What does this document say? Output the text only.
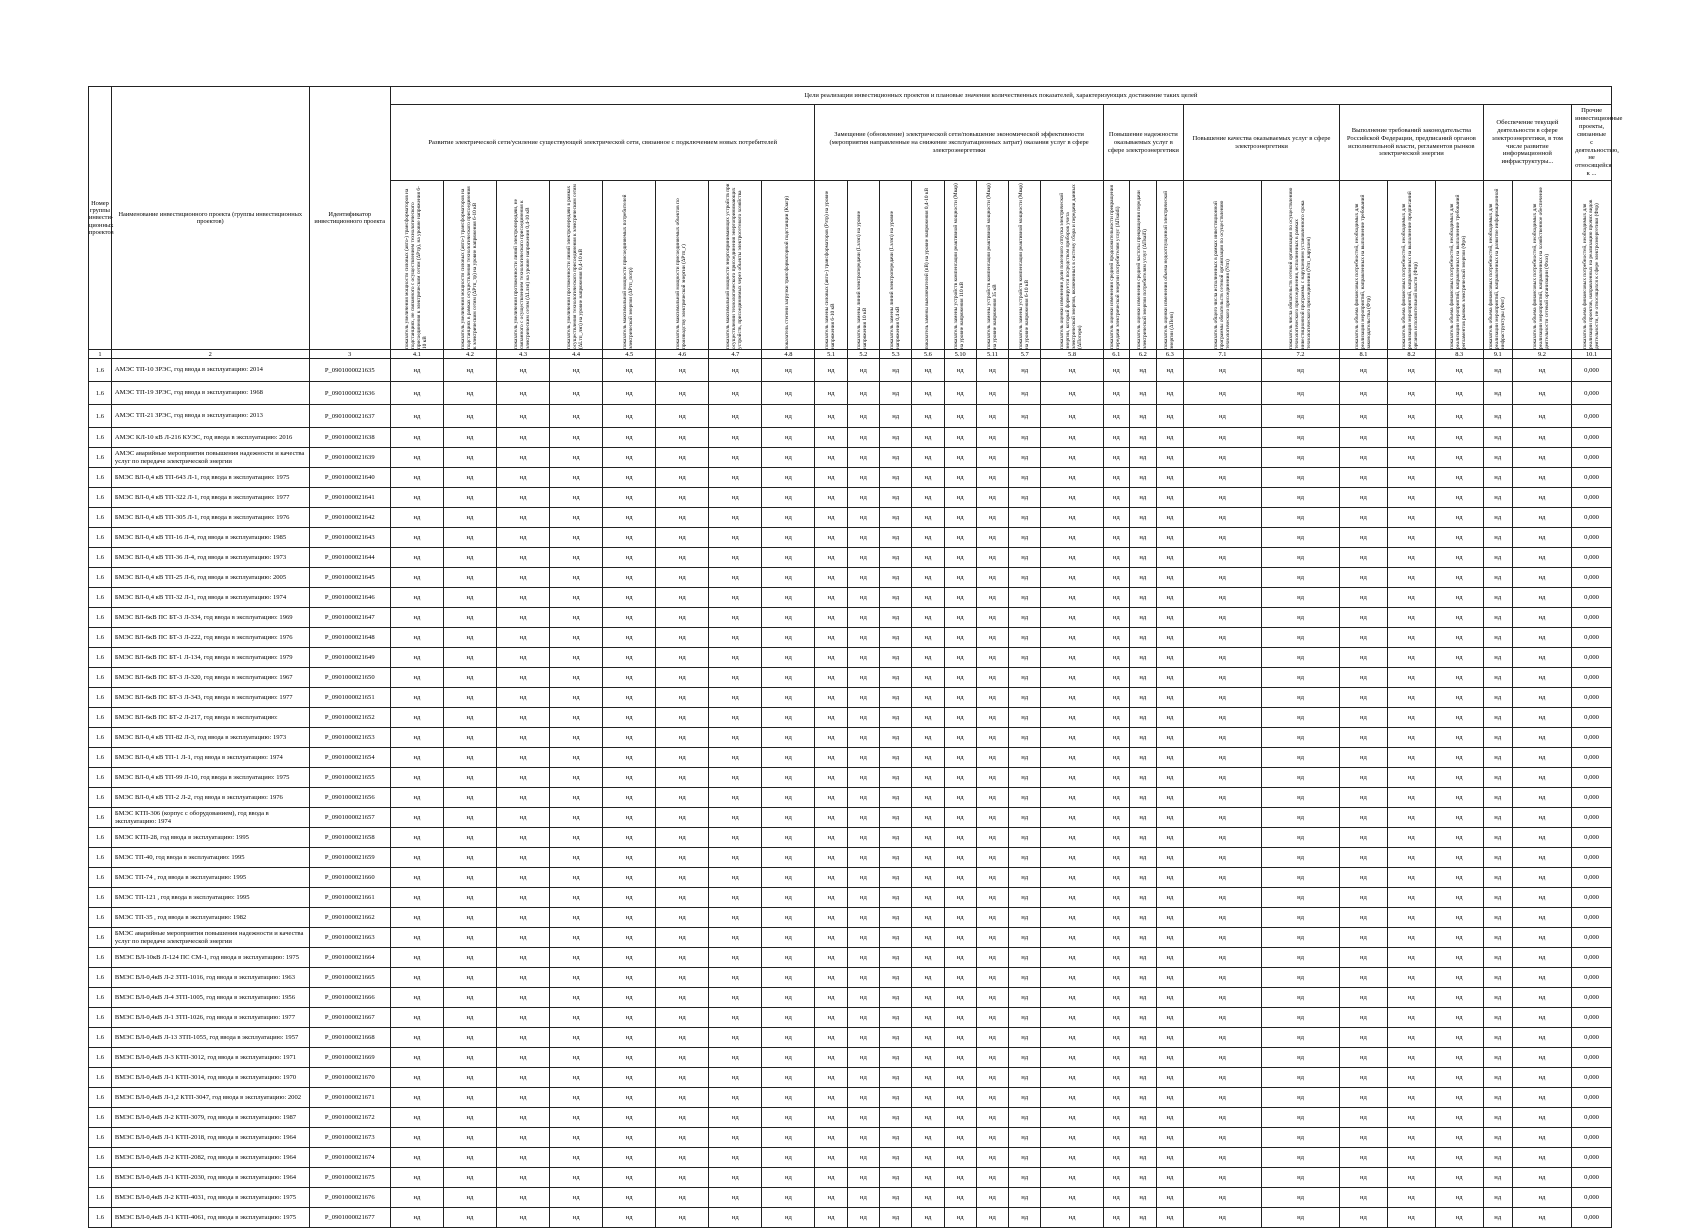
Номер группы инвести-ционных проектов	Наименование инвестиционного проекта (группы инвестиционных проектов)	Идентификатор инвестиционного проекта	Цели реализации инвестиционных проектов и плановые значения количественных показателей, характеризующих достижение таких целей																										
			Развитие электрической сети/усиление существующей электрической сети, связанное с подключением новых потребителей								Замещение (обновление) электрической сети/повышение экономической эффективности (мероприятия направленные на снижение эксплуатационных затрат) оказания услуг в сфере электроэнергетики								Повышение надежности оказываемых услуг в сфере электроэнергетики			Повышение качества оказываемых услуг в сфере электроэнергетики		Выполнение требований законодательства Российской Федерации, предписаний органов исполнительной власти, регламентов рынков электрической энергии			Обеспечение текущей деятельности в сфере электроэнергетики, в том числе развитие информационной инфраструктуры...		Прочие инвестиционные проекты, связанные с деятельностью, не относящейся к ...

			показатель увеличения мощности силовых (авто-) трансформаторов на подстанциях, не связанного с осуществлением технологического присоединения к электрическим сетям (ΔPтр), на уровне напряжения 6-10 кВ	показатель увеличения мощности силовых (авто-) трансформаторов на подстанциях в рамках осуществления технологического присоединения к электрическим сетям (ΔPтп_тр) на уровне напряжения 6-10 кВ	показатель увеличения протяженности линий электропередачи, не связанного с осуществлением технологического присоединения к электрическим сетям (ΔLлэп) на уровне напряжения 0,4-10 кВ	показатель увеличения протяженности линий электропередачи в рамках осуществления технологического присоединения к электрическим сетям (ΔLтп_лэп) на уровне напряжения 0,4-10 кВ	показатель максимальной мощности присоединяемых потребителей электрической энергии (ΔPтп_потр)	показатель максимальной мощности присоединяемых объектов по производству электрической энергии (ΔPтп_г)	показатель максимальной мощности энергопринимающих устройств при осуществлении технологического присоединения энергопринимающих устройств, присоединяемых через объекты электросетевого хозяйства	показатель степени загрузки трансформаторной подстанции (Кзагр)	показатель замены силовых (авто-) трансформаторов (Pзтр) на уровне напряжения 6-10 кВ	показатель замены линий электропередачи (Lзлэп) на уровне напряжения 10 кВ	показатель замены линий электропередачи (Lзлэп) на уровне напряжения 0,4 кВ	показатель замены выключателей (nВ) на уровне напряжения 0,4-10 кВ	показатель замены устройств компенсации реактивной мощности (Mвар) на уровне напряжения 110 кВ	показатель замены устройств компенсации реактивной мощности (Mвар) на уровне напряжения 35 кВ	показатель замены устройств компенсации реактивной мощности (Mвар) на уровне напряжения 6-10 кВ	показатель оценки изменения доли полезного отпуска электрической энергии, который формируется посредством приборов учета электрической энергии, включенных в систему сбора и передачи данных (ΔПотери)	показатель оценки изменения средней продолжительности прекращения передачи электрической энергии потребителям услуг (ΔПsaidi)	показатель оценки изменения средней частоты прекращения передачи электрической энергии потребителям услуг (ΔПsaifi)	показатель оценки изменения объема недоотпущенной электрической энергии (ΔПens)	показатель общего числа исполненных в рамках инвестиционной программы обязательств сетевой организации по осуществлению технологического присоединения (Nтп)	показатель числа обязательств сетевой организации по осуществлению технологического присоединения, исполненных в рамках инвестиционной программы с нарушением установленного срока технологического присоединения (Nтп_нарушен)	показатель объема финансовых потребностей, необходимых для реализации мероприятий, направленных на выполнение требований законодательства (Фтр)	показатель объема финансовых потребностей, необходимых для реализации мероприятий, направленных на выполнение предписаний органов исполнительной власти (Фпр)	показатель объема финансовых потребностей, необходимых для реализации мероприятий, направленных на выполнение требований регламентов рынков электрической энергии (Фрэ)	показатель объема финансовых потребностей, необходимых для реализации мероприятий, направленных на развитие информационной инфраструктуры (Фит)	показатель объема финансовых потребностей, необходимых для реализации мероприятий, направленных на хозяйственное обеспечение деятельности сетевой организации (Фхоз)	показатель объема финансовых потребностей, необходимых для реализации проектов, направленных на реализацию прочих видов деятельности, не относящихся к сфере электроэнергетики (Фпр)

1	2	3	4.1	4.2	4.3	4.4	4.5	4.6	4.7	4.8	5.1	5.2	5.3	5.6	5.10	5.11	5.7	5.8	6.1	6.2	6.3	7.1	7.2	8.1	8.2	8.3	9.1	9.2	10.1
1.6	АМЭС ТП-10 ЗРЭС, год ввода в эксплуатацию: 2014	P_0901000021635	нд	нд	нд	нд	нд	нд	нд	нд	нд	нд	нд	нд	нд	нд	нд	нд	нд	нд	нд	нд	нд	нд	нд	нд	нд	нд	0,000
1.6	АМЭС ТП-19 ЗРЭС, год ввода в эксплуатацию: 1968	P_0901000021636	нд	нд	нд	нд	нд	нд	нд	нд	нд	нд	нд	нд	нд	нд	нд	нд	нд	нд	нд	нд	нд	нд	нд	нд	нд	нд	0,000
1.6	АМЭС ТП-21 ЗРЭС, год ввода в эксплуатацию: 2013	P_0901000021637	нд	нд	нд	нд	нд	нд	нд	нд	нд	нд	нд	нд	нд	нд	нд	нд	нд	нд	нд	нд	нд	нд	нд	нд	нд	нд	0,000
1.6	АМЭС КЛ-10 кВ Л-216 КУЭС, год ввода в эксплуатацию: 2016	P_0901000021638	нд	нд	нд	нд	нд	нд	нд	нд	нд	нд	нд	нд	нд	нд	нд	нд	нд	нд	нд	нд	нд	нд	нд	нд	нд	нд	0,000
1.6	АМЭС аварийные мероприятия повышения надежности и качества услуг по передаче электрической энергии	P_0901000021639	нд	нд	нд	нд	нд	нд	нд	нд	нд	нд	нд	нд	нд	нд	нд	нд	нд	нд	нд	нд	нд	нд	нд	нд	нд	нд	0,000
1.6	БМЭС ВЛ-0,4 кВ ТП-643 Л-1, год ввода в эксплуатацию: 1975	P_0901000021640	нд	нд	нд	нд	нд	нд	нд	нд	нд	нд	нд	нд	нд	нд	нд	нд	нд	нд	нд	нд	нд	нд	нд	нд	нд	нд	0,000
1.6	БМЭС ВЛ-0,4 кВ ТП-322 Л-1, год ввода в эксплуатацию: 1977	P_0901000021641	нд	нд	нд	нд	нд	нд	нд	нд	нд	нд	нд	нд	нд	нд	нд	нд	нд	нд	нд	нд	нд	нд	нд	нд	нд	нд	0,000
1.6	БМЭС ВЛ-0,4 кВ ТП-305 Л-1, год ввода в эксплуатацию: 1976	P_0901000021642	нд	нд	нд	нд	нд	нд	нд	нд	нд	нд	нд	нд	нд	нд	нд	нд	нд	нд	нд	нд	нд	нд	нд	нд	нд	нд	0,000
1.6	БМЭС ВЛ-0,4 кВ ТП-16 Л-4, год ввода в эксплуатацию: 1985	P_0901000021643	нд	нд	нд	нд	нд	нд	нд	нд	нд	нд	нд	нд	нд	нд	нд	нд	нд	нд	нд	нд	нд	нд	нд	нд	нд	нд	0,000
1.6	БМЭС ВЛ-0,4 кВ ТП-36 Л-4, год ввода в эксплуатацию: 1973	P_0901000021644	нд	нд	нд	нд	нд	нд	нд	нд	нд	нд	нд	нд	нд	нд	нд	нд	нд	нд	нд	нд	нд	нд	нд	нд	нд	нд	0,000
1.6	БМЭС ВЛ-0,4 кВ ТП-25 Л-6, год ввода в эксплуатацию: 2005	P_0901000021645	нд	нд	нд	нд	нд	нд	нд	нд	нд	нд	нд	нд	нд	нд	нд	нд	нд	нд	нд	нд	нд	нд	нд	нд	нд	нд	0,000
1.6	БМЭС ВЛ-0,4 кВ ТП-32 Л-1, год ввода в эксплуатацию: 1974	P_0901000021646	нд	нд	нд	нд	нд	нд	нд	нд	нд	нд	нд	нд	нд	нд	нд	нд	нд	нд	нд	нд	нд	нд	нд	нд	нд	нд	0,000
1.6	БМЭС ВЛ-6кВ ПС БТ-3 Л-334, год ввода в эксплуатацию: 1969	P_0901000021647	нд	нд	нд	нд	нд	нд	нд	нд	нд	нд	нд	нд	нд	нд	нд	нд	нд	нд	нд	нд	нд	нд	нд	нд	нд	нд	0,000
1.6	БМЭС ВЛ-6кВ ПС БТ-3 Л-222, год ввода в эксплуатацию: 1976	P_0901000021648	нд	нд	нд	нд	нд	нд	нд	нд	нд	нд	нд	нд	нд	нд	нд	нд	нд	нд	нд	нд	нд	нд	нд	нд	нд	нд	0,000
1.6	БМЭС ВЛ-6кВ ПС БТ-1 Л-134, год ввода в эксплуатацию: 1979	P_0901000021649	нд	нд	нд	нд	нд	нд	нд	нд	нд	нд	нд	нд	нд	нд	нд	нд	нд	нд	нд	нд	нд	нд	нд	нд	нд	нд	0,000
1.6	БМЭС ВЛ-6кВ ПС БТ-3 Л-320, год ввода в эксплуатацию: 1967	P_0901000021650	нд	нд	нд	нд	нд	нд	нд	нд	нд	нд	нд	нд	нд	нд	нд	нд	нд	нд	нд	нд	нд	нд	нд	нд	нд	нд	0,000
1.6	БМЭС ВЛ-6кВ ПС БТ-3 Л-343, год ввода в эксплуатацию: 1977	P_0901000021651	нд	нд	нд	нд	нд	нд	нд	нд	нд	нд	нд	нд	нд	нд	нд	нд	нд	нд	нд	нд	нд	нд	нд	нд	нд	нд	0,000
1.6	БМЭС ВЛ-6кВ ПС БТ-2 Л-217, год ввода в эксплуатацию:	P_0901000021652	нд	нд	нд	нд	нд	нд	нд	нд	нд	нд	нд	нд	нд	нд	нд	нд	нд	нд	нд	нд	нд	нд	нд	нд	нд	нд	0,000
1.6	БМЭС ВЛ-0,4 кВ ТП-82 Л-3, год ввода в эксплуатацию: 1973	P_0901000021653	нд	нд	нд	нд	нд	нд	нд	нд	нд	нд	нд	нд	нд	нд	нд	нд	нд	нд	нд	нд	нд	нд	нд	нд	нд	нд	0,000
1.6	БМЭС ВЛ-0,4 кВ ТП-1 Л-1, год ввода в эксплуатацию: 1974	P_0901000021654	нд	нд	нд	нд	нд	нд	нд	нд	нд	нд	нд	нд	нд	нд	нд	нд	нд	нд	нд	нд	нд	нд	нд	нд	нд	нд	0,000
1.6	БМЭС ВЛ-0,4 кВ ТП-99 Л-10, год ввода в эксплуатацию: 1975	P_0901000021655	нд	нд	нд	нд	нд	нд	нд	нд	нд	нд	нд	нд	нд	нд	нд	нд	нд	нд	нд	нд	нд	нд	нд	нд	нд	нд	0,000
1.6	БМЭС ВЛ-0,4 кВ ТП-2 Л-2, год ввода в эксплуатацию: 1976	P_0901000021656	нд	нд	нд	нд	нд	нд	нд	нд	нд	нд	нд	нд	нд	нд	нд	нд	нд	нд	нд	нд	нд	нд	нд	нд	нд	нд	0,000
1.6	БМЭС КТП-306 (корпус с оборудованием), год ввода в эксплуатацию: 1974	P_0901000021657	нд	нд	нд	нд	нд	нд	нд	нд	нд	нд	нд	нд	нд	нд	нд	нд	нд	нд	нд	нд	нд	нд	нд	нд	нд	нд	0,000
1.6	БМЭС КТП-28, год ввода в эксплуатацию: 1995	P_0901000021658	нд	нд	нд	нд	нд	нд	нд	нд	нд	нд	нд	нд	нд	нд	нд	нд	нд	нд	нд	нд	нд	нд	нд	нд	нд	нд	0,000
1.6	БМЭС ТП-40, год ввода в эксплуатацию: 1995	P_0901000021659	нд	нд	нд	нд	нд	нд	нд	нд	нд	нд	нд	нд	нд	нд	нд	нд	нд	нд	нд	нд	нд	нд	нд	нд	нд	нд	0,000
1.6	БМЭС ТП-74 , год ввода в эксплуатацию: 1995	P_0901000021660	нд	нд	нд	нд	нд	нд	нд	нд	нд	нд	нд	нд	нд	нд	нд	нд	нд	нд	нд	нд	нд	нд	нд	нд	нд	нд	0,000
1.6	БМЭС ТП-121 , год ввода в эксплуатацию: 1995	P_0901000021661	нд	нд	нд	нд	нд	нд	нд	нд	нд	нд	нд	нд	нд	нд	нд	нд	нд	нд	нд	нд	нд	нд	нд	нд	нд	нд	0,000
1.6	БМЭС ТП-35 , год ввода в эксплуатацию: 1982	P_0901000021662	нд	нд	нд	нд	нд	нд	нд	нд	нд	нд	нд	нд	нд	нд	нд	нд	нд	нд	нд	нд	нд	нд	нд	нд	нд	нд	0,000
1.6	БМЭС аварийные мероприятия повышения надежности и качества услуг по передаче электрической энергии	P_0901000021663	нд	нд	нд	нд	нд	нд	нд	нд	нд	нд	нд	нд	нд	нд	нд	нд	нд	нд	нд	нд	нд	нд	нд	нд	нд	нд	0,000
1.6	ВМЭС ВЛ-10кВ Л-124 ПС СМ-1, год ввода в эксплуатацию: 1975	P_0901000021664	нд	нд	нд	нд	нд	нд	нд	нд	нд	нд	нд	нд	нд	нд	нд	нд	нд	нд	нд	нд	нд	нд	нд	нд	нд	нд	0,000
1.6	ВМЭС ВЛ-0,4кВ Л-2 ЗТП-1016, год ввода в эксплуатацию: 1963	P_0901000021665	нд	нд	нд	нд	нд	нд	нд	нд	нд	нд	нд	нд	нд	нд	нд	нд	нд	нд	нд	нд	нд	нд	нд	нд	нд	нд	0,000
1.6	ВМЭС ВЛ-0,4кВ Л-4 ЗТП-1005, год ввода в эксплуатацию: 1956	P_0901000021666	нд	нд	нд	нд	нд	нд	нд	нд	нд	нд	нд	нд	нд	нд	нд	нд	нд	нд	нд	нд	нд	нд	нд	нд	нд	нд	0,000
1.6	ВМЭС ВЛ-0,4кВ Л-1 ЗТП-1026, год ввода в эксплуатацию: 1977	P_0901000021667	нд	нд	нд	нд	нд	нд	нд	нд	нд	нд	нд	нд	нд	нд	нд	нд	нд	нд	нд	нд	нд	нд	нд	нд	нд	нд	0,000
1.6	ВМЭС ВЛ-0,4кВ Л-13 ЗТП-1055, год ввода в эксплуатацию: 1957	P_0901000021668	нд	нд	нд	нд	нд	нд	нд	нд	нд	нд	нд	нд	нд	нд	нд	нд	нд	нд	нд	нд	нд	нд	нд	нд	нд	нд	0,000
1.6	ВМЭС ВЛ-0,4кВ Л-3 КТП-3012, год ввода в эксплуатацию: 1971	P_0901000021669	нд	нд	нд	нд	нд	нд	нд	нд	нд	нд	нд	нд	нд	нд	нд	нд	нд	нд	нд	нд	нд	нд	нд	нд	нд	нд	0,000
1.6	ВМЭС ВЛ-0,4кВ Л-1 КТП-3014, год ввода в эксплуатацию: 1970	P_0901000021670	нд	нд	нд	нд	нд	нд	нд	нд	нд	нд	нд	нд	нд	нд	нд	нд	нд	нд	нд	нд	нд	нд	нд	нд	нд	нд	0,000
1.6	ВМЭС ВЛ-0,4кВ Л-1,2 КТП-3047, год ввода в эксплуатацию: 2002	P_0901000021671	нд	нд	нд	нд	нд	нд	нд	нд	нд	нд	нд	нд	нд	нд	нд	нд	нд	нд	нд	нд	нд	нд	нд	нд	нд	нд	0,000
1.6	ВМЭС ВЛ-0,4кВ Л-2 КТП-3079, год ввода в эксплуатацию: 1987	P_0901000021672	нд	нд	нд	нд	нд	нд	нд	нд	нд	нд	нд	нд	нд	нд	нд	нд	нд	нд	нд	нд	нд	нд	нд	нд	нд	нд	0,000
1.6	ВМЭС ВЛ-0,4кВ Л-1 КТП-2018, год ввода в эксплуатацию: 1964	P_0901000021673	нд	нд	нд	нд	нд	нд	нд	нд	нд	нд	нд	нд	нд	нд	нд	нд	нд	нд	нд	нд	нд	нд	нд	нд	нд	нд	0,000
1.6	ВМЭС ВЛ-0,4кВ Л-2 КТП-2082, год ввода в эксплуатацию: 1964	P_0901000021674	нд	нд	нд	нд	нд	нд	нд	нд	нд	нд	нд	нд	нд	нд	нд	нд	нд	нд	нд	нд	нд	нд	нд	нд	нд	нд	0,000
1.6	ВМЭС ВЛ-0,4кВ Л-1 КТП-2030, год ввода в эксплуатацию: 1964	P_0901000021675	нд	нд	нд	нд	нд	нд	нд	нд	нд	нд	нд	нд	нд	нд	нд	нд	нд	нд	нд	нд	нд	нд	нд	нд	нд	нд	0,000
1.6	ВМЭС ВЛ-0,4кВ Л-2 КТП-4031, год ввода в эксплуатацию: 1975	P_0901000021676	нд	нд	нд	нд	нд	нд	нд	нд	нд	нд	нд	нд	нд	нд	нд	нд	нд	нд	нд	нд	нд	нд	нд	нд	нд	нд	0,000
1.6	ВМЭС ВЛ-0,4кВ Л-1 КТП-4061, год ввода в эксплуатацию: 1975	P_0901000021677	нд	нд	нд	нд	нд	нд	нд	нд	нд	нд	нд	нд	нд	нд	нд	нд	нд	нд	нд	нд	нд	нд	нд	нд	нд	нд	0,000
